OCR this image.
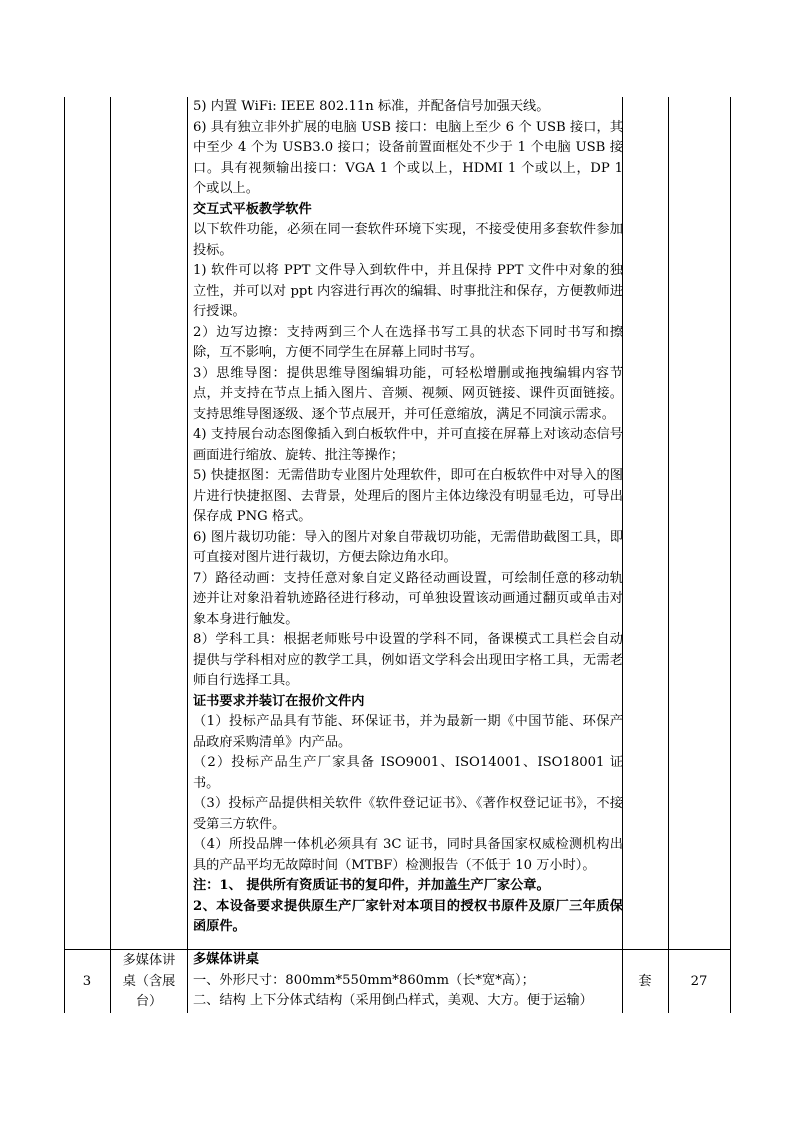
5) 内置 WiFi: IEEE 802.11n 标准，并配备信号加强天线。

6) 具有独立非外扩展的电脑 USB 接口：电脑上至少 6 个 USB 接口，其中至少 4 个为 USB3.0 接口；设备前置面框处不少于 1 个电脑 USB 接口。具有视频输出接口：VGA 1 个或以上，HDMI 1 个或以上，DP 1 个或以上。

交互式平板教学软件

以下软件功能，必须在同一套软件环境下实现，不接受使用多套软件参加投标。

1) 软件可以将 PPT 文件导入到软件中，并且保持 PPT 文件中对象的独立性，并可以对 ppt 内容进行再次的编辑、时事批注和保存，方便教师进行授课。

2）边写边擦：支持两到三个人在选择书写工具的状态下同时书写和擦除，互不影响，方便不同学生在屏幕上同时书写。

3）思维导图：提供思维导图编辑功能，可轻松增删或拖拽编辑内容节点，并支持在节点上插入图片、音频、视频、网页链接、课件页面链接。支持思维导图逐级、逐个节点展开，并可任意缩放，满足不同演示需求。

4) 支持展台动态图像插入到白板软件中，并可直接在屏幕上对该动态信号画面进行缩放、旋转、批注等操作；

5) 快捷抠图：无需借助专业图片处理软件，即可在白板软件中对导入的图片进行快捷抠图、去背景，处理后的图片主体边缘没有明显毛边，可导出保存成 PNG 格式。

6) 图片裁切功能：导入的图片对象自带裁切功能，无需借助截图工具，即可直接对图片进行裁切，方便去除边角水印。

7）路径动画：支持任意对象自定义路径动画设置，可绘制任意的移动轨迹并让对象沿着轨迹路径进行移动，可单独设置该动画通过翻页或单击对象本身进行触发。

8）学科工具：根据老师账号中设置的学科不同，备课模式工具栏会自动提供与学科相对应的教学工具，例如语文学科会出现田字格工具，无需老师自行选择工具。

证书要求并装订在报价文件内

（1）投标产品具有节能、环保证书，并为最新一期《中国节能、环保产品政府采购清单》内产品。

（2）投标产品生产厂家具备 ISO9001、ISO14001、ISO18001 证书。

（3）投标产品提供相关软件《软件登记证书》、《著作权登记证书》，不接受第三方软件。

（4）所投品牌一体机必须具有 3C 证书，同时具备国家权威检测机构出具的产品平均无故障时间（MTBF）检测报告（不低于 10 万小时）。

注：1、 提供所有资质证书的复印件，并加盖生产厂家公章。

2、本设备要求提供原生产厂家针对本项目的授权书原件及原厂三年质保函原件。

3
多媒体讲
桌（含展
台）

多媒体讲桌

一、外形尺寸：800mm*550mm*860mm（长*宽*高）；

二、结构 上下分体式结构（采用倒凸样式，美观、大方。便于运输）

套	27
